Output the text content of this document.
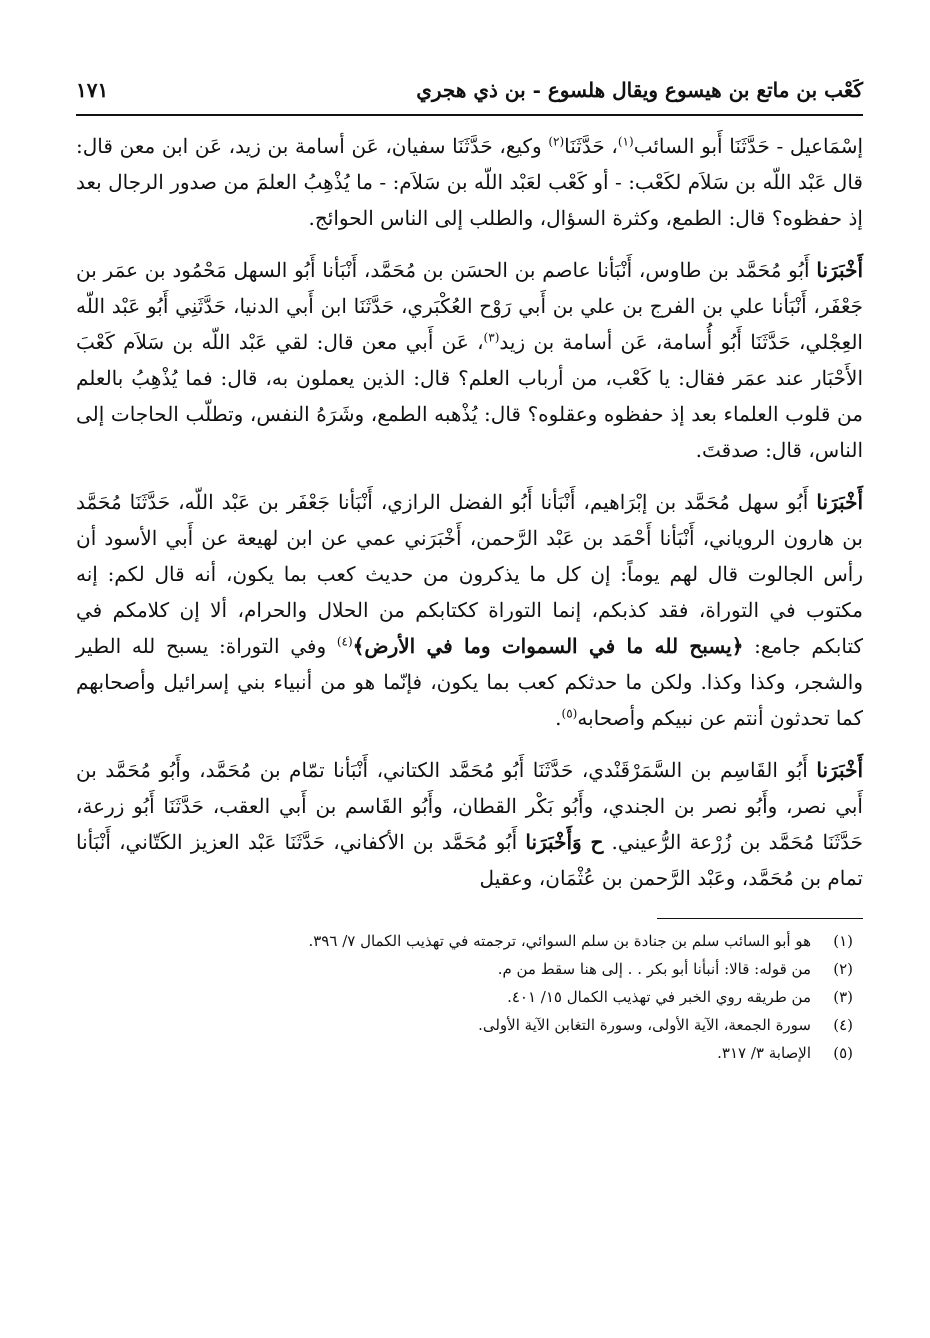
كَعْب بن ماتع بن هيسوع ويقال هلسوع - بن ذي هجري
١٧١

إسْمَاعيل - حَدَّثَنَا أَبو السائب$^{(١)}$، حَدَّثَنَا$^{(٢)}$ وكيع، حَدَّثَنَا سفيان، عَن أسامة بن زيد، عَن ابن معن قال: قال عَبْد اللّه بن سَلاَم لكَعْب: - أو كَعْب لعَبْد اللّه بن سَلاَم: - ما يُذْهِبُ العلمَ من صدور الرجال بعد إذ حفظوه؟ قال: الطمع، وكثرة السؤال، والطلب إلى الناس الحوائج.

أَخْبَرَنا أَبُو مُحَمَّد بن طاوس، أَنْبَأنا عاصم بن الحسَن بن مُحَمَّد، أَنْبَأنا أَبُو السهل مَحْمُود بن عمَر بن جَعْفَر، أَنْبَأنا علي بن الفرج بن علي بن أَبي رَوْح العُكْبَري، حَدَّثَنَا ابن أَبي الدنيا، حَدَّثَنِي أَبُو عَبْد اللّه العِجْلي، حَدَّثَنَا أَبُو أُسامة، عَن أسامة بن زيد$^{(٣)}$، عَن أَبي معن قال: لقي عَبْد اللّه بن سَلاَم كَعْبَ الأَحْبَار عند عمَر فقال: يا كَعْب، من أرباب العلم؟ قال: الذين يعملون به، قال: فما يُذْهِبُ بالعلم من قلوب العلماء بعد إذ حفظوه وعقلوه؟ قال: يُذْهبه الطمع، وشَرَهُ النفس، وتطلّب الحاجات إلى الناس، قال: صدقتَ.

أَخْبَرَنا أَبُو سهل مُحَمَّد بن إبْرَاهيم، أَنْبَأنا أَبُو الفضل الرازي، أَنْبَأنا جَعْفَر بن عَبْد اللّه، حَدَّثَنَا مُحَمَّد بن هارون الروياني، أَنْبَأنا أَحْمَد بن عَبْد الرَّحمن، أَخْبَرَني عمي عن ابن لهيعة عن أَبي الأسود أن رأس الجالوت قال لهم يوماً: إن كل ما يذكرون من حديث كعب بما يكون، أنه قال لكم: إنه مكتوب في التوراة، فقد كذبكم، إنما التوراة ككتابكم من الحلال والحرام، ألا إن كلامكم في كتابكم جامع: ﴿يسبح لله ما في السموات وما في الأرض﴾$^{(٤)}$ وفي التوراة: يسبح لله الطير والشجر، وكذا وكذا. ولكن ما حدثكم كعب بما يكون، فإنّما هو من أنبياء بني إسرائيل وأصحابهم كما تحدثون أنتم عن نبيكم وأصحابه$^{(٥)}$.

أَخْبَرَنا أَبُو القَاسِم بن السَّمَرْقَنْدي، حَدَّثَنَا أَبُو مُحَمَّد الكتاني، أَنْبَأنا تمّام بن مُحَمَّد، وأَبُو مُحَمَّد بن أَبي نصر، وأَبُو نصر بن الجندي، وأَبُو بَكْر القطان، وأَبُو القَاسم بن أَبي العقب، حَدَّثَنَا أَبُو زرعة، حَدَّثَنَا مُحَمَّد بن زُرْعة الرُّعيني. ح وَأَخْبَرَنا أَبُو مُحَمَّد بن الأكفاني، حَدَّثَنَا عَبْد العزيز الكَتّاني، أَنْبَأنا تمام بن مُحَمَّد، وعَبْد الرَّحمن بن عُثْمَان، وعقيل

(١)
هو أبو السائب سلم بن جنادة بن سلم السوائي، ترجمته في تهذيب الكمال ٧/ ٣٩٦.
(٢)
من قوله: قالا: أنبأنا أبو بكر . . إلى هنا سقط من م.
(٣)
من طريقه روي الخبر في تهذيب الكمال ١٥/ ٤٠١.
(٤)
سورة الجمعة، الآية الأولى، وسورة التغابن الآية الأولى.
(٥)
الإصابة ٣/ ٣١٧.
